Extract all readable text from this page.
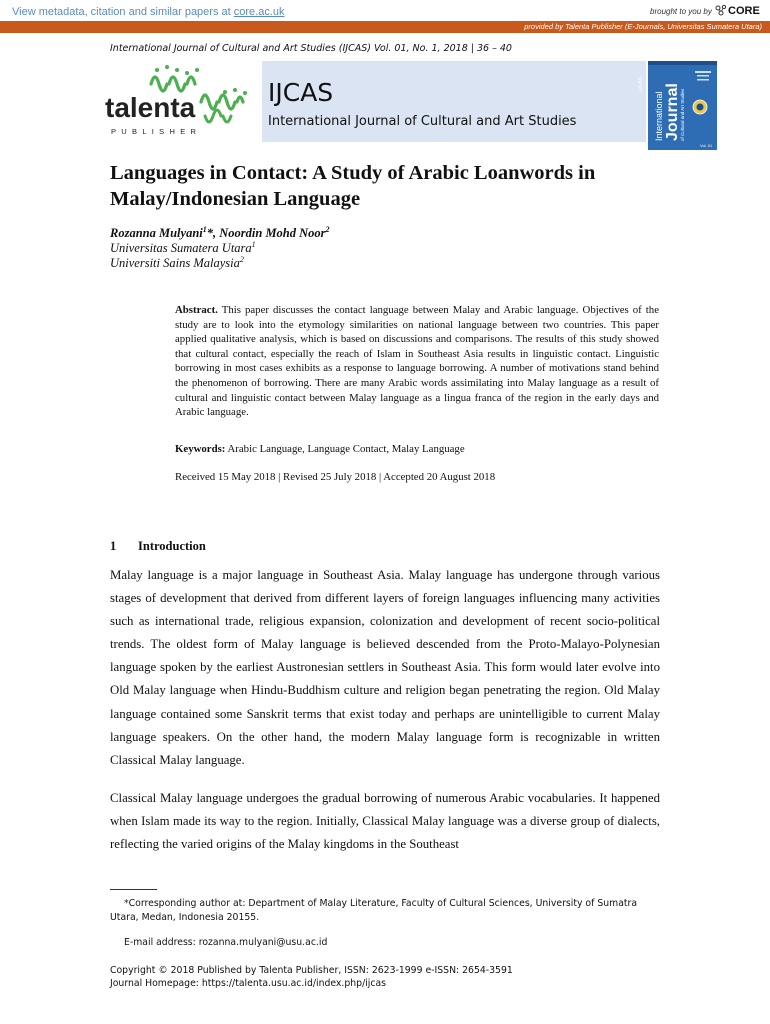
View metadata, citation and similar papers at core.ac.uk	brought to you by CORE
provided by Talenta Publisher (E-Journals, Universitas Sumatera Utara)
International Journal of Cultural and Art Studies (IJCAS) Vol. 01, No. 1, 2018 | 36 – 40
talenta
PUBLISHER
IJCAS
International Journal of Cultural and Art Studies
IJCAS
International Journal of Cultural and Art Studies
Vol. 01
Languages in Contact: A Study of Arabic Loanwords in Malay/Indonesian Language
Rozanna Mulyani$^1$*, Noordin Mohd Noor$^2$
Universitas Sumatera Utara$^1$
Universiti Sains Malaysia$^2$
Abstract. This paper discusses the contact language between Malay and Arabic language. Objectives of the study are to look into the etymology similarities on national language between two countries. This paper applied qualitative analysis, which is based on discussions and comparisons. The results of this study showed that cultural contact, especially the reach of Islam in Southeast Asia results in linguistic contact. Linguistic borrowing in most cases exhibits as a response to language borrowing. A number of motivations stand behind the phenomenon of borrowing. There are many Arabic words assimilating into Malay language as a result of cultural and linguistic contact between Malay language as a lingua franca of the region in the early days and Arabic language.
Keywords: Arabic Language, Language Contact, Malay Language
Received 15 May 2018 | Revised 25 July 2018 | Accepted 20 August 2018
1 Introduction
Malay language is a major language in Southeast Asia. Malay language has undergone through various stages of development that derived from different layers of foreign languages influencing many activities such as international trade, religious expansion, colonization and development of recent socio-political trends. The oldest form of Malay language is believed descended from the Proto-Malayo-Polynesian language spoken by the earliest Austronesian settlers in Southeast Asia. This form would later evolve into Old Malay language when Hindu-Buddhism culture and religion began penetrating the region. Old Malay language contained some Sanskrit terms that exist today and perhaps are unintelligible to current Malay language speakers. On the other hand, the modern Malay language form is recognizable in written Classical Malay language.
Classical Malay language undergoes the gradual borrowing of numerous Arabic vocabularies. It happened when Islam made its way to the region. Initially, Classical Malay language was a diverse group of dialects, reflecting the varied origins of the Malay kingdoms in the Southeast
*Corresponding author at: Department of Malay Literature, Faculty of Cultural Sciences, University of Sumatra Utara, Medan, Indonesia 20155.
E-mail address: rozanna.mulyani@usu.ac.id
Copyright © 2018 Published by Talenta Publisher, ISSN: 2623-1999 e-ISSN: 2654-3591
Journal Homepage: https://talenta.usu.ac.id/index.php/ijcas
